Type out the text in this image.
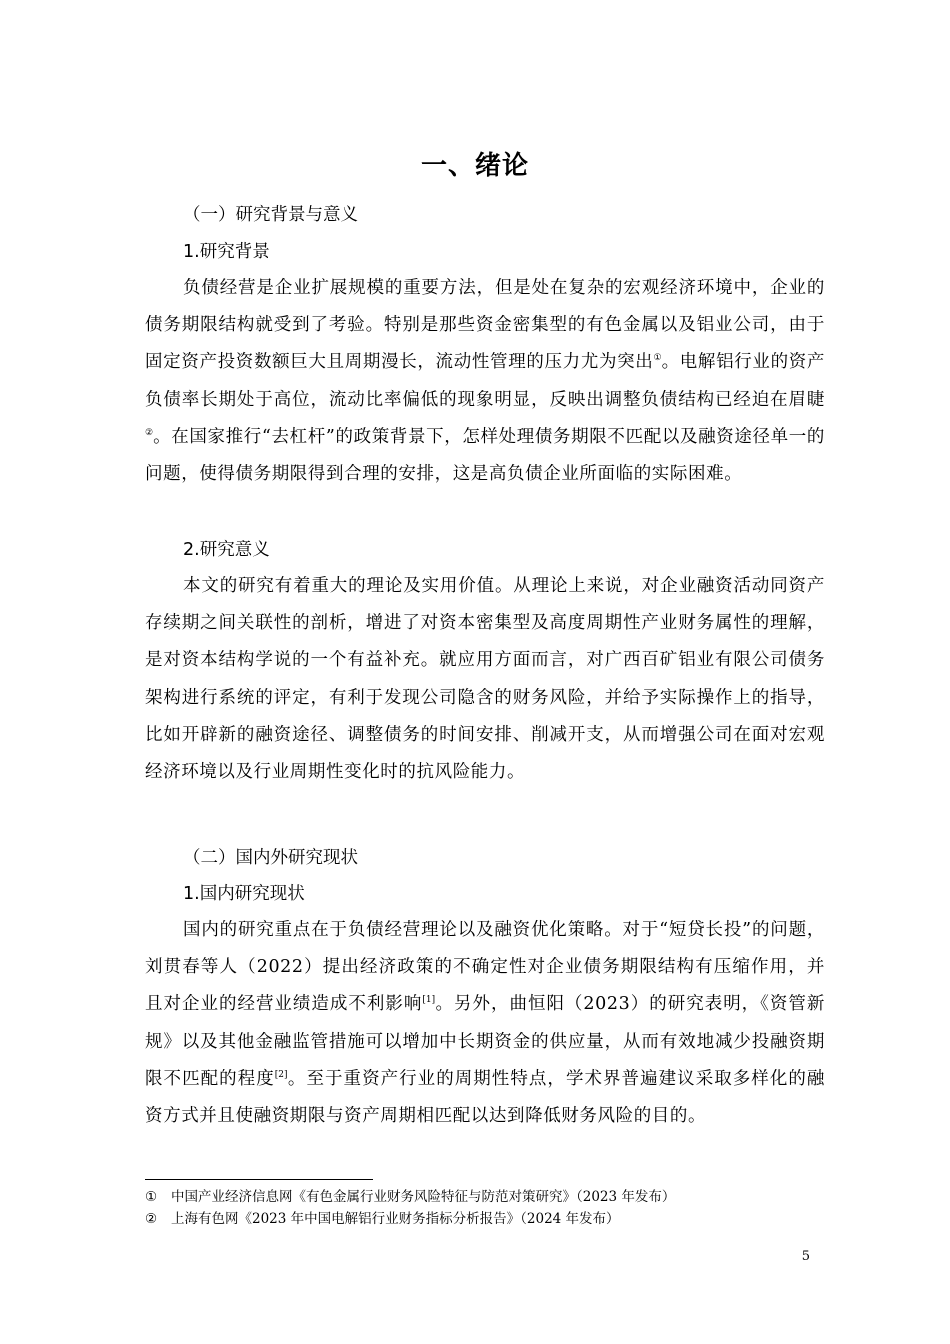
一、绪论
（一）研究背景与意义
1.研究背景

负债经营是企业扩展规模的重要方法，但是处在复杂的宏观经济环境中，企业的债务期限结构就受到了考验。特别是那些资金密集型的有色金属以及铝业公司，由于固定资产投资数额巨大且周期漫长，流动性管理的压力尤为突出①。电解铝行业的资产负债率长期处于高位，流动比率偏低的现象明显，反映出调整负债结构已经迫在眉睫②。在国家推行“去杠杆”的政策背景下，怎样处理债务期限不匹配以及融资途径单一的问题，使得债务期限得到合理的安排，这是高负债企业所面临的实际困难。

2.研究意义

本文的研究有着重大的理论及实用价值。从理论上来说，对企业融资活动同资产存续期之间关联性的剖析，增进了对资本密集型及高度周期性产业财务属性的理解，是对资本结构学说的一个有益补充。就应用方面而言，对广西百矿铝业有限公司债务架构进行系统的评定，有利于发现公司隐含的财务风险，并给予实际操作上的指导，比如开辟新的融资途径、调整债务的时间安排、削减开支，从而增强公司在面对宏观经济环境以及行业周期性变化时的抗风险能力。

（二）国内外研究现状
1.国内研究现状

国内的研究重点在于负债经营理论以及融资优化策略。对于“短贷长投”的问题，刘贯春等人（2022）提出经济政策的不确定性对企业债务期限结构有压缩作用，并且对企业的经营业绩造成不利影响[1]。另外，曲恒阳（2023）的研究表明，《资管新规》以及其他金融监管措施可以增加中长期资金的供应量，从而有效地减少投融资期限不匹配的程度[2]。至于重资产行业的周期性特点，学术界普遍建议采取多样化的融资方式并且使融资期限与资产周期相匹配以达到降低财务风险的目的。

① 中国产业经济信息网《有色金属行业财务风险特征与防范对策研究》（2023 年发布）
② 上海有色网《2023 年中国电解铝行业财务指标分析报告》（2024 年发布）
5
